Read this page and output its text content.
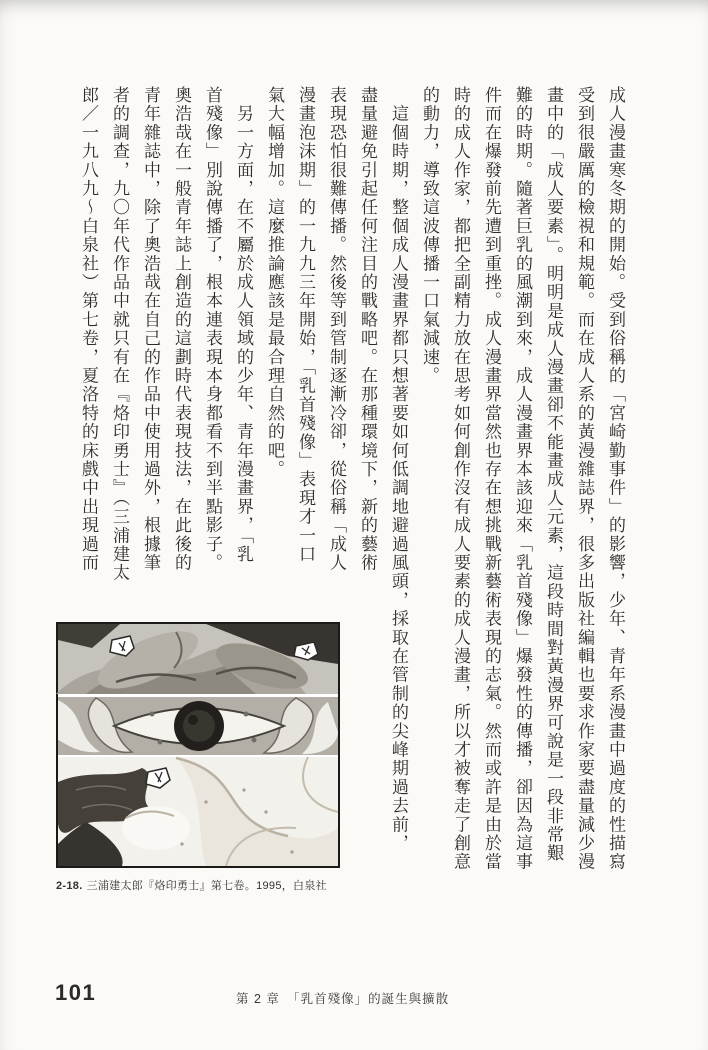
成人漫畫寒冬期的開始。受到俗稱的「宮崎勤事件」的影響，少年、青年系漫畫中過度的性描寫
受到很嚴厲的檢視和規範。而在成人系的黃漫雜誌界，很多出版社編輯也要求作家要盡量減少漫
畫中的「成人要素」。明明是成人漫畫卻不能畫成人元素，這段時間對黃漫界可說是一段非常艱
難的時期。隨著巨乳的風潮到來，成人漫畫界本該迎來「乳首殘像」爆發性的傳播，卻因為這事
件而在爆發前先遭到重挫。成人漫畫界當然也存在想挑戰新藝術表現的志氣。然而或許是由於當
時的成人作家，都把全副精力放在思考如何創作沒有成人要素的成人漫畫，所以才被奪走了創意
的動力，導致這波傳播一口氣減速。
　這個時期，整個成人漫畫界都只想著要如何低調地避過風頭，採取在管制的尖峰期過去前，
盡量避免引起任何注目的戰略吧。在那種環境下，新的藝術
表現恐怕很難傳播。然後等到管制逐漸冷卻，從俗稱「成人
漫畫泡沫期」的一九九三年開始，「乳首殘像」表現才一口
氣大幅增加。這麼推論應該是最合理自然的吧。
　另一方面，在不屬於成人領域的少年、青年漫畫界，「乳
首殘像」別說傳播了，根本連表現本身都看不到半點影子。
奧浩哉在一般青年誌上創造的這劃時代表現技法，在此後的
青年雜誌中，除了奧浩哉在自己的作品中使用過外，根據筆
者的調查，九〇年代作品中就只有在『烙印勇士』（三浦建太
郎／一九八九～白泉社）第七卷，夏洛特的床戲中出現過而
2-18. 三浦建太郎『烙印勇士』第七卷。1995，白泉社
101	第 2 章　「乳首殘像」的誕生與擴散
